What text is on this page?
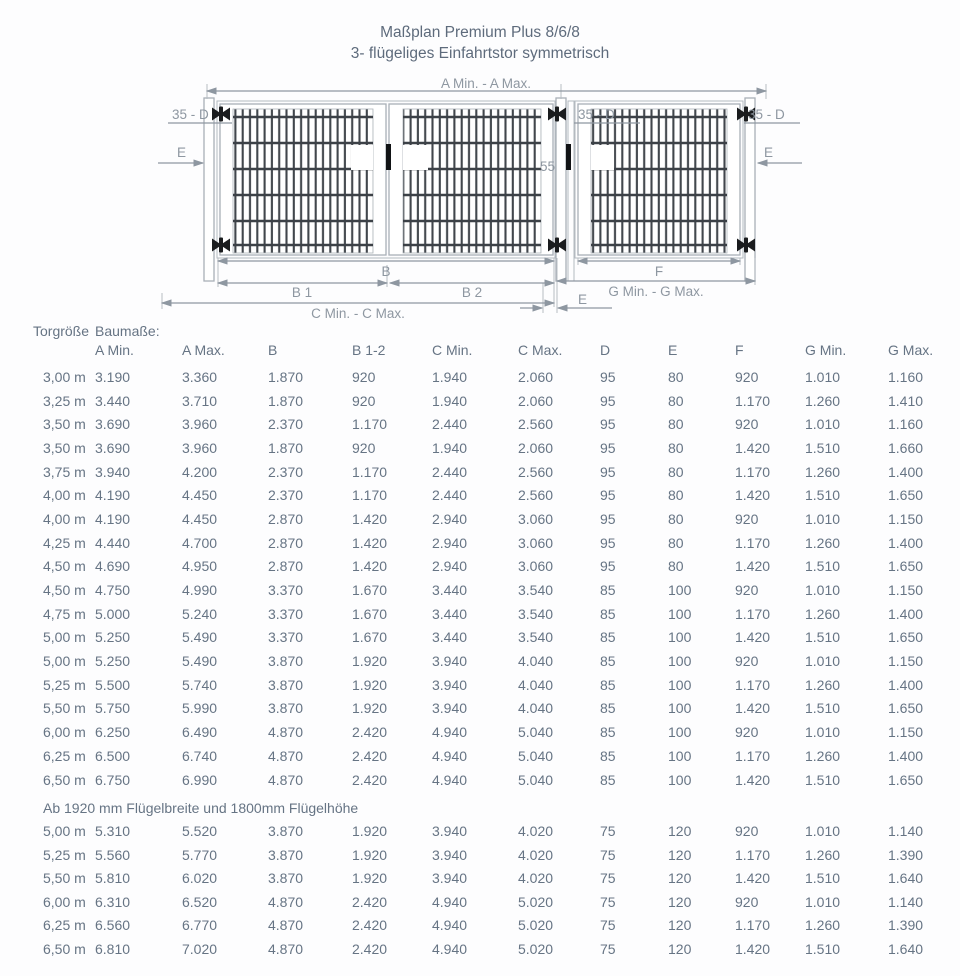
Maßplan Premium Plus 8/6/8
3- flügeliges Einfahrtstor symmetrisch
A Min. - A Max.
35 - D	35 - D	35 - D
E	E
55
B
B 1	B 2
C Min. - C Max.
F
G Min. - G Max.
E
Torgröße Baumaße:
A Min.	A Max.	B	B 1-2	C Min.	C Max.	D	E	F	G Min.	G Max.
3,00 m 3.190	3.360	1.870	920	1.940	2.060	95	80	920	1.010	1.160
3,25 m 3.440	3.710	1.870	920	1.940	2.060	95	80	1.170	1.260	1.410
3,50 m 3.690	3.960	2.370	1.170	2.440	2.560	95	80	920	1.010	1.160
3,50 m 3.690	3.960	1.870	920	1.940	2.060	95	80	1.420	1.510	1.660
3,75 m 3.940	4.200	2.370	1.170	2.440	2.560	95	80	1.170	1.260	1.400
4,00 m 4.190	4.450	2.370	1.170	2.440	2.560	95	80	1.420	1.510	1.650
4,00 m 4.190	4.450	2.870	1.420	2.940	3.060	95	80	920	1.010	1.150
4,25 m 4.440	4.700	2.870	1.420	2.940	3.060	95	80	1.170	1.260	1.400
4,50 m 4.690	4.950	2.870	1.420	2.940	3.060	95	80	1.420	1.510	1.650
4,50 m 4.750	4.990	3.370	1.670	3.440	3.540	85	100	920	1.010	1.150
4,75 m 5.000	5.240	3.370	1.670	3.440	3.540	85	100	1.170	1.260	1.400
5,00 m 5.250	5.490	3.370	1.670	3.440	3.540	85	100	1.420	1.510	1.650
5,00 m 5.250	5.490	3.870	1.920	3.940	4.040	85	100	920	1.010	1.150
5,25 m 5.500	5.740	3.870	1.920	3.940	4.040	85	100	1.170	1.260	1.400
5,50 m 5.750	5.990	3.870	1.920	3.940	4.040	85	100	1.420	1.510	1.650
6,00 m 6.250	6.490	4.870	2.420	4.940	5.040	85	100	920	1.010	1.150
6,25 m 6.500	6.740	4.870	2.420	4.940	5.040	85	100	1.170	1.260	1.400
6,50 m 6.750	6.990	4.870	2.420	4.940	5.040	85	100	1.420	1.510	1.650
Ab 1920 mm Flügelbreite und 1800mm Flügelhöhe
5,00 m 5.310	5.520	3.870	1.920	3.940	4.020	75	120	920	1.010	1.140
5,25 m 5.560	5.770	3.870	1.920	3.940	4.020	75	120	1.170	1.260	1.390
5,50 m 5.810	6.020	3.870	1.920	3.940	4.020	75	120	1.420	1.510	1.640
6,00 m 6.310	6.520	4.870	2.420	4.940	5.020	75	120	920	1.010	1.140
6,25 m 6.560	6.770	4.870	2.420	4.940	5.020	75	120	1.170	1.260	1.390
6,50 m 6.810	7.020	4.870	2.420	4.940	5.020	75	120	1.420	1.510	1.640
